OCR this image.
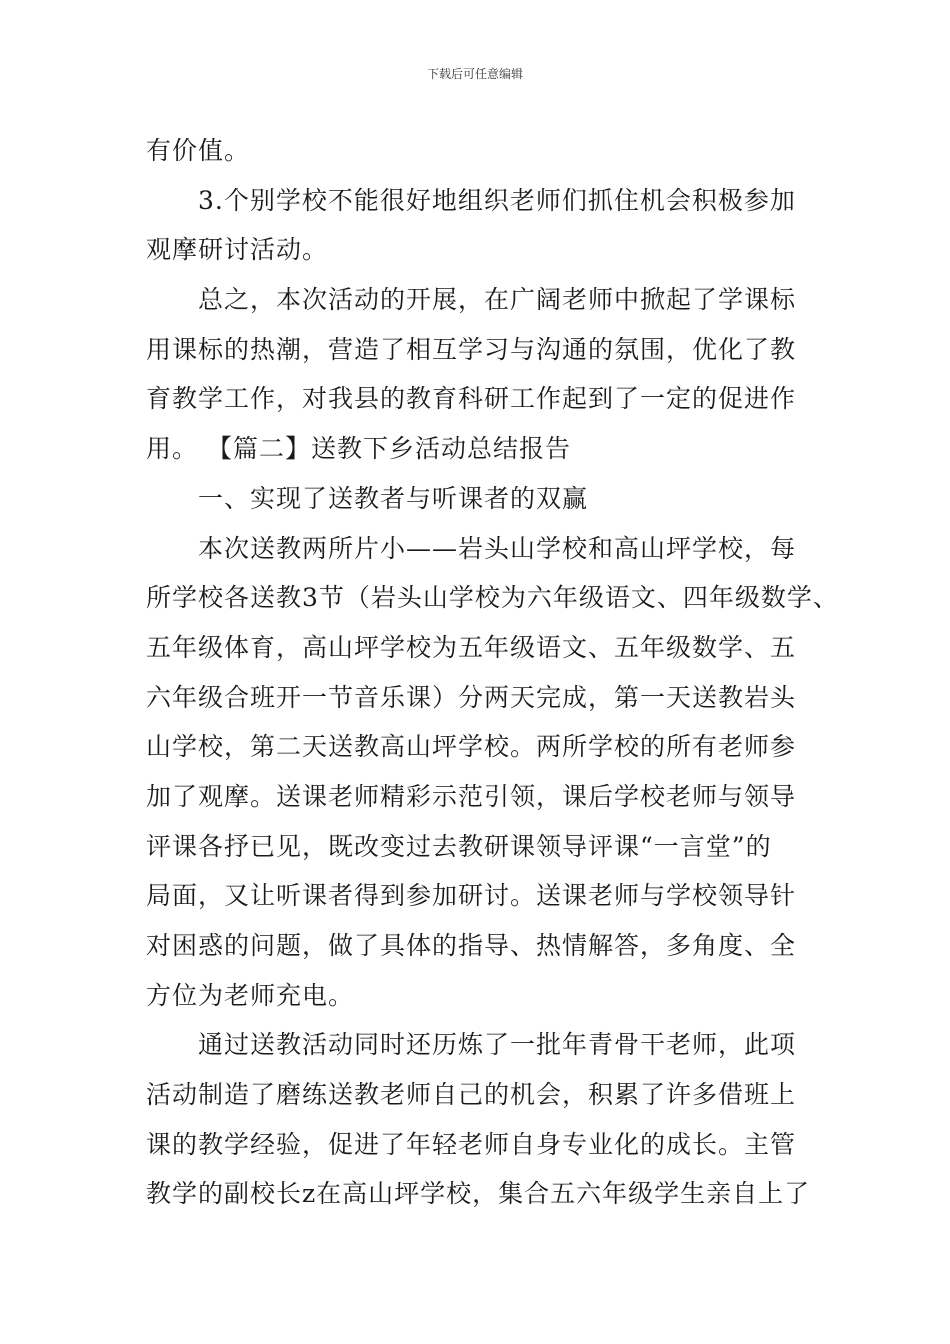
下载后可任意编辑
有价值。
3.个别学校不能很好地组织老师们抓住机会积极参加
观摩研讨活动。
总之，本次活动的开展，在广阔老师中掀起了学课标
用课标的热潮，营造了相互学习与沟通的氛围，优化了教
育教学工作，对我县的教育科研工作起到了一定的促进作
用。 【篇二】送教下乡活动总结报告
一、实现了送教者与听课者的双赢
本次送教两所片小——岩头山学校和高山坪学校，每
所学校各送教3节（岩头山学校为六年级语文、四年级数学、
五年级体育，高山坪学校为五年级语文、五年级数学、五
六年级合班开一节音乐课）分两天完成，第一天送教岩头
山学校，第二天送教高山坪学校。两所学校的所有老师参
加了观摩。送课老师精彩示范引领，课后学校老师与领导
评课各抒已见，既改变过去教研课领导评课“一言堂”的
局面，又让听课者得到参加研讨。送课老师与学校领导针
对困惑的问题，做了具体的指导、热情解答，多角度、全
方位为老师充电。
通过送教活动同时还历炼了一批年青骨干老师，此项
活动制造了磨练送教老师自己的机会，积累了许多借班上
课的教学经验，促进了年轻老师自身专业化的成长。主管
教学的副校长z在高山坪学校，集合五六年级学生亲自上了
